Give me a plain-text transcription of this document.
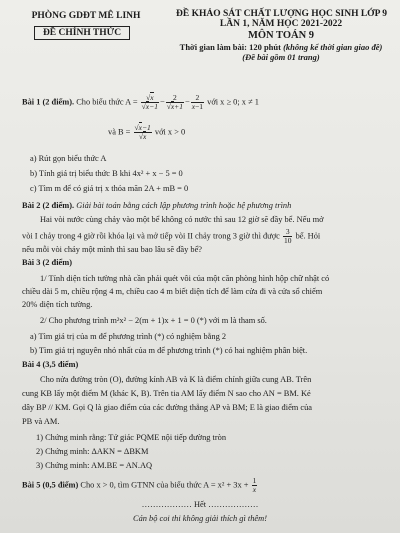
PHÒNG GDĐT MÊ LINH
ĐỀ CHÍNH THỨC
ĐỀ KHẢO SÁT CHẤT LƯỢNG HỌC SINH LỚP 9
LẦN 1, NĂM HỌC 2021-2022
MÔN TOÁN 9
Thời gian làm bài: 120 phút (không kể thời gian giao đề)
(Đề bài gồm 01 trang)
Bài 1 (2 điểm). Cho biểu thức $A = \frac{√x}{√x-1} - \frac{2}{√x+1} - \frac{2}{x-1}$ với x ≥ 0; x ≠ 1
và $B = \frac{√x-1}{√x}$ với x > 0
a) Rút gọn biểu thức A
b) Tính giá trị biểu thức B khi 4x² + x − 5 = 0
c) Tìm m để có giá trị x thỏa mãn 2A + mB = 0
Bài 2 (2 điểm). Giải bài toán bằng cách lập phương trình hoặc hệ phương trình
Hai vòi nước cùng chảy vào một bể không có nước thì sau 12 giờ sẽ đầy bể. Nếu mở
vòi I chảy trong 4 giờ rồi khóa lại và mở tiếp vòi II chảy trong 3 giờ thì được $\frac{3}{10}$ bể. Hỏi
nếu mỗi vòi chảy một mình thì sau bao lâu sẽ đầy bể?
Bài 3 (2 điểm)
1/ Tính diện tích tường nhà cần phải quét vôi của một căn phòng hình hộp chữ nhật có
chiều dài 5 m, chiều rộng 4 m, chiều cao 4 m biết diện tích để làm cửa đi và cửa sổ chiếm
20% diện tích tường.
2/ Cho phương trình m²x² − 2(m + 1)x + 1 = 0 (*) với m là tham số.
a) Tìm giá trị của m để phương trình (*) có nghiệm bằng 2
b) Tìm giá trị nguyên nhỏ nhất của m để phương trình (*) có hai nghiệm phân biệt.
Bài 4 (3,5 điểm)
Cho nửa đường tròn (O), đường kính AB và K là điểm chính giữa cung AB. Trên
cung KB lấy một điểm M (khác K, B). Trên tia AM lấy điểm N sao cho AN = BM. Kẻ
dây BP // KM. Gọi Q là giao điểm của các đường thẳng AP và BM; E là giao điểm của
PB và AM.
1) Chứng minh rằng: Tứ giác PQME nội tiếp đường tròn
2) Chứng minh: ΔAKN = ΔBKM
3) Chứng minh: AM.BE = AN.AQ
Bài 5 (0,5 điểm) Cho x > 0, tìm GTNN của biểu thức $A = x^2 + 3x + \frac{1}{x}$
……………… Hết ………………
Cán bộ coi thi không giải thích gì thêm!
